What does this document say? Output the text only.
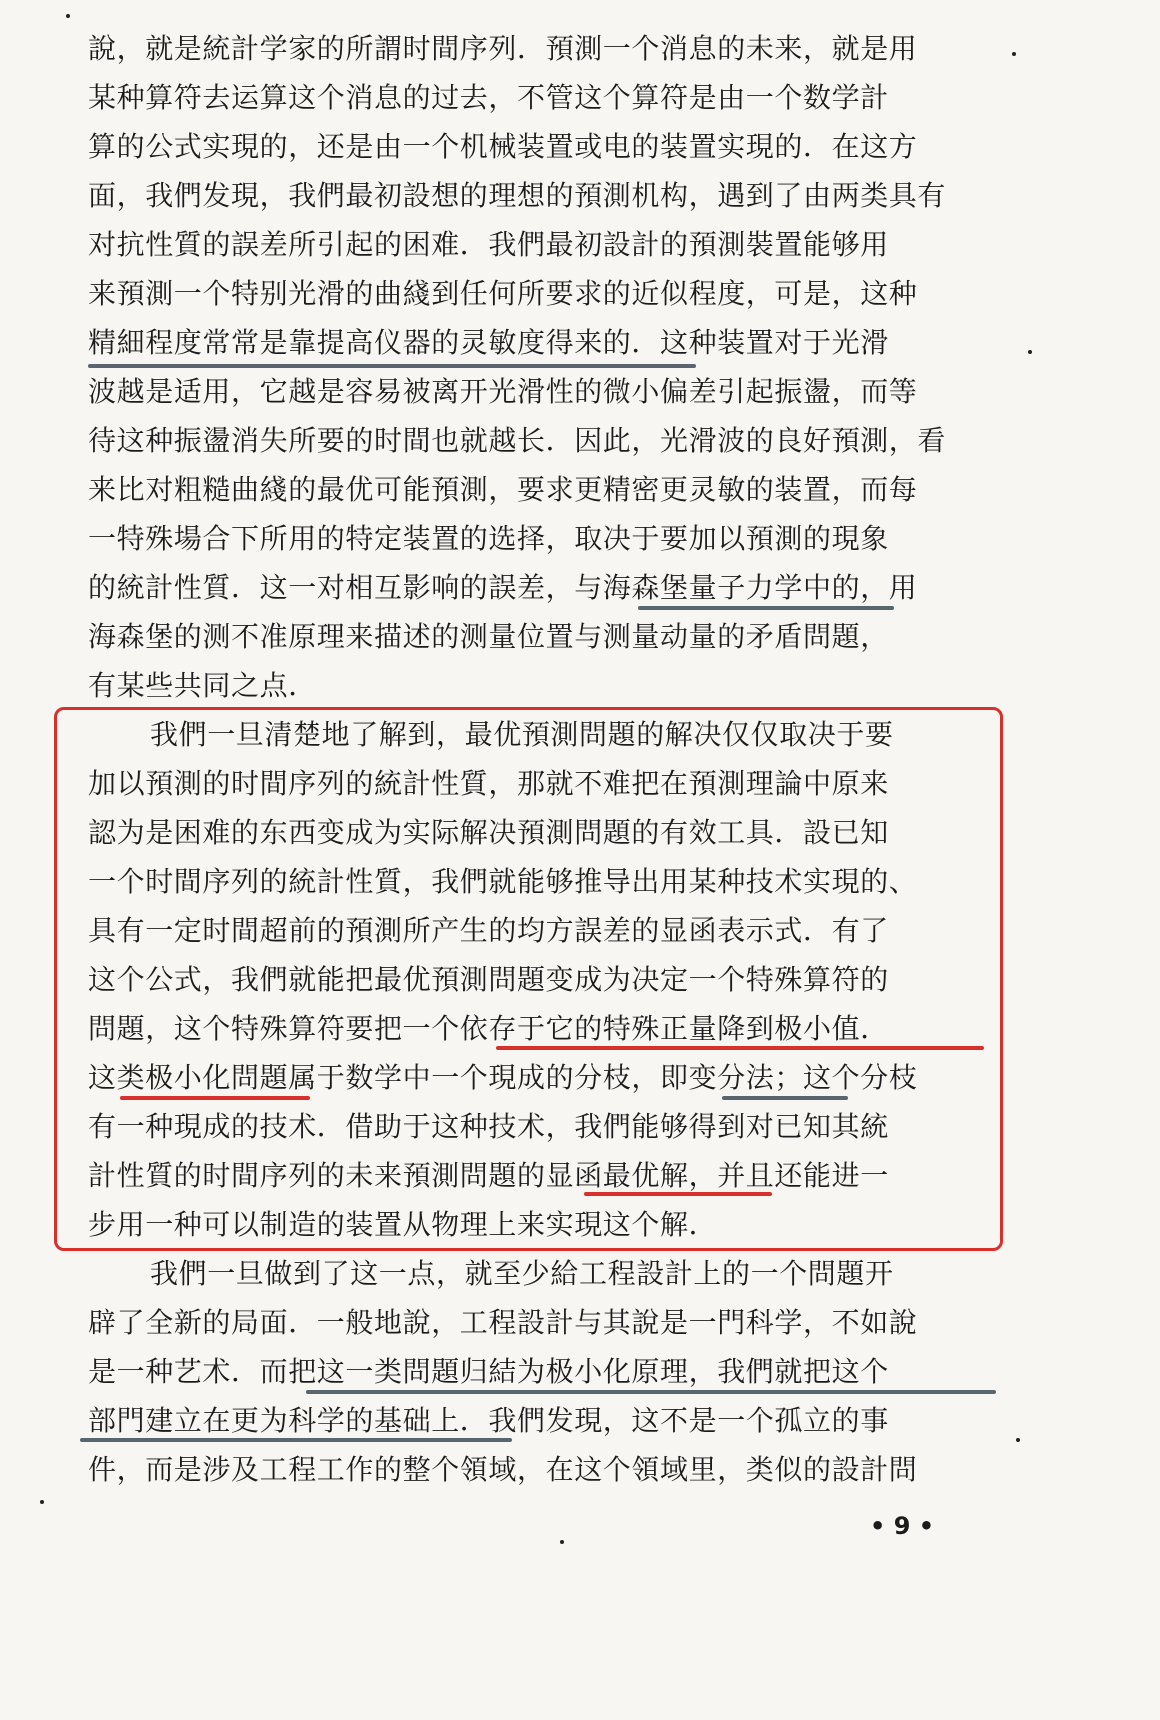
說，就是統計学家的所謂时間序列．預測一个消息的未来，就是用
某种算符去运算这个消息的过去，不管这个算符是由一个数学計
算的公式实現的，还是由一个机械装置或电的装置实現的．在这方
面，我們发現，我們最初設想的理想的預測机构，遇到了由两类具有
对抗性質的誤差所引起的困难．我們最初設計的預測裝置能够用
来預測一个特别光滑的曲綫到任何所要求的近似程度，可是，这种
精細程度常常是靠提高仪器的灵敏度得来的．这种装置对于光滑
波越是适用，它越是容易被离开光滑性的微小偏差引起振盪，而等
待这种振盪消失所要的时間也就越长．因此，光滑波的良好預測，看
来比对粗糙曲綫的最优可能預測，要求更精密更灵敏的装置，而每
一特殊場合下所用的特定装置的选择，取决于要加以預測的現象
的統計性質．这一对相互影响的誤差，与海森堡量子力学中的，用
海森堡的测不准原理来描述的测量位置与测量动量的矛盾問題，
有某些共同之点．
我們一旦清楚地了解到，最优預測問題的解决仅仅取决于要
加以預測的时間序列的統計性質，那就不难把在預測理論中原来
認为是困难的东西变成为实际解决預測問題的有效工具．設已知
一个时間序列的統計性質，我們就能够推导出用某种技术实現的、
具有一定时間超前的預測所产生的均方誤差的显函表示式．有了
这个公式，我們就能把最优預測問題变成为决定一个特殊算符的
問題，这个特殊算符要把一个依存于它的特殊正量降到极小值．
这类极小化問題属于数学中一个現成的分枝，即变分法；这个分枝
有一种現成的技术．借助于这种技术，我們能够得到对已知其統
計性質的时間序列的未来預測問題的显函最优解，并且还能进一
步用一种可以制造的装置从物理上来实現这个解．
我們一旦做到了这一点，就至少給工程設計上的一个問題开
辟了全新的局面．一般地說，工程設計与其說是一門科学，不如說
是一种艺术．而把这一类問題归結为极小化原理，我們就把这个
部門建立在更为科学的基础上．我們发現，这不是一个孤立的事
件，而是涉及工程工作的整个領域，在这个領域里，类似的設計問
• 9 •
